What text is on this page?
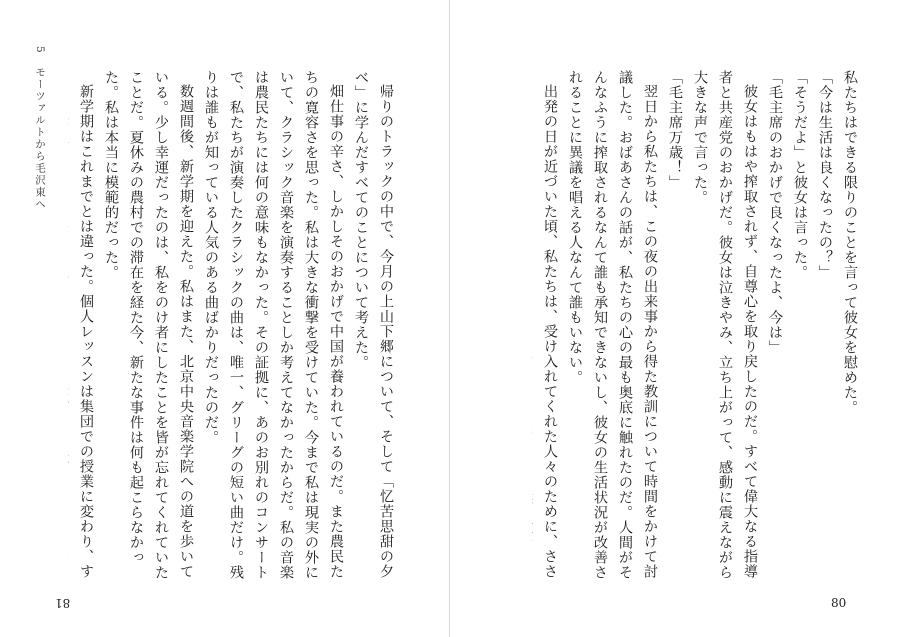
5　モーツァルトから毛沢東へ	私たちはできる限りのことを言って彼女を慰めた。

「今は生活は良くなったの？」

「そうだよ」と彼女は言った。

「毛主席のおかげで良くなったよ、今は」

彼女はもはや搾取されず、自尊心を取り戻したのだ。すべて偉大なる指導者と共産党のおかげだ。彼女は泣きやみ、立ち上がって、感動に震えながら大きな声で言った。

「毛主席万歳！」

翌日から私たちは、この夜の出来事から得た教訓について時間をかけて討議した。おばあさんの話が、私たちの心の最も奥底に触れたのだ。人間がそんなふうに搾取されるなんて誰も承知できないし、彼女の生活状況が改善されることに異議を唱える人なんて誰もいない。

出発の日が近づいた頃、私たちは、受け入れてくれた人々のために、ささ

80

帰りのトラックの中で、今月の上山下郷について、そして「忆苦思甜の夕べ」に学んだすべてのことについて考えた。

畑仕事の辛さ、しかしそのおかげで中国が養われているのだ。また農民たちの寛容さを思った。私は大きな衝撃を受けていた。今まで私は現実の外にいて、クラシック音楽を演奏することしか考えてなかったからだ。私の音楽は農民たちには何の意味もなかった。その証拠に、あのお別れのコンサートで、私たちが演奏したクラシックの曲は、唯一、グリーグの短い曲だけ。残りは誰もが知っている人気のある曲ばかりだったのだ。

数週間後、新学期を迎えた。私はまた、北京中央音楽学院への道を歩いている。少し幸運だったのは、私をのけ者にしたことを皆が忘れてくれていたことだ。夏休みの農村での滞在を経た今、新たな事件は何も起こらなかった。私は本当に模範的だった。

新学期はこれまでとは違った。個人レッスンは集団での授業に変わり、す

81
